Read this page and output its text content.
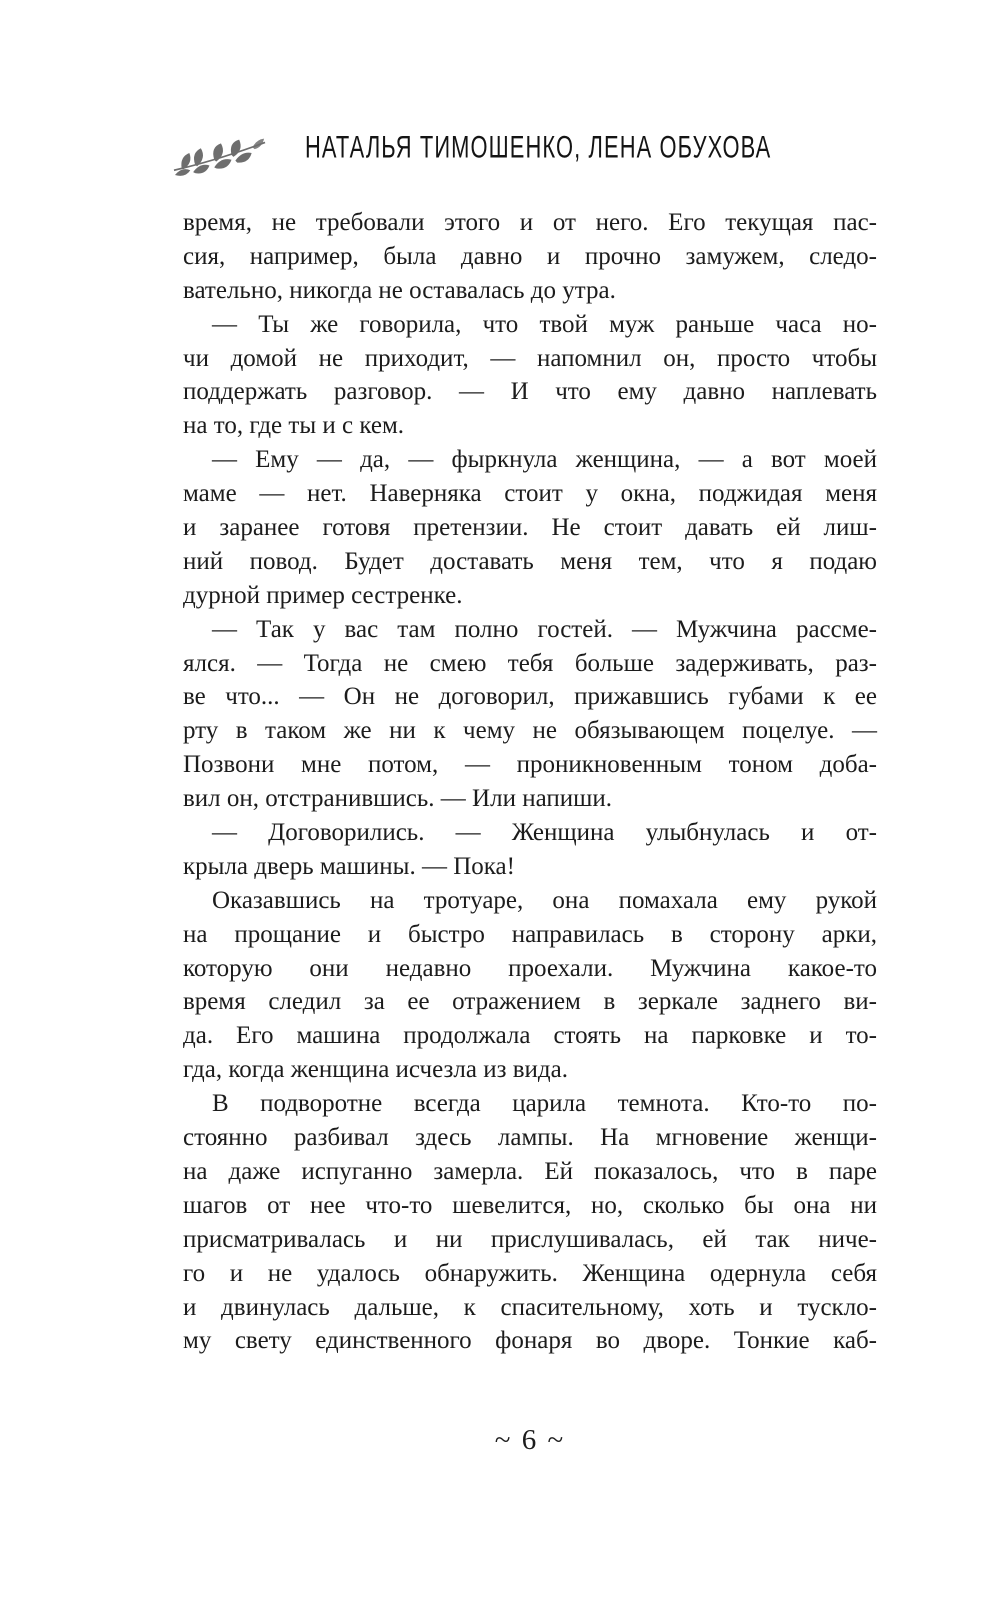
НАТАЛЬЯ ТИМОШЕНКО, ЛЕНА ОБУХОВА
время, не требовали этого и от него. Его текущая пас-
сия, например, была давно и прочно замужем, следо-
вательно, никогда не оставалась до утра.
— Ты же говорила, что твой муж раньше часа но-
чи домой не приходит, — напомнил он, просто чтобы
поддержать разговор. — И что ему давно наплевать
на то, где ты и с кем.
— Ему — да, — фыркнула женщина, — а вот моей
маме — нет. Наверняка стоит у окна, поджидая меня
и заранее готовя претензии. Не стоит давать ей лиш-
ний повод. Будет доставать меня тем, что я подаю
дурной пример сестренке.
— Так у вас там полно гостей. — Мужчина рассме-
ялся. — Тогда не смею тебя больше задерживать, раз-
ве что... — Он не договорил, прижавшись губами к ее
рту в таком же ни к чему не обязывающем поцелуе. —
Позвони мне потом, — проникновенным тоном доба-
вил он, отстранившись. — Или напиши.
— Договорились. — Женщина улыбнулась и от-
крыла дверь машины. — Пока!
Оказавшись на тротуаре, она помахала ему рукой
на прощание и быстро направилась в сторону арки,
которую они недавно проехали. Мужчина какое-то
время следил за ее отражением в зеркале заднего ви-
да. Его машина продолжала стоять на парковке и то-
гда, когда женщина исчезла из вида.
В подворотне всегда царила темнота. Кто-то по-
стоянно разбивал здесь лампы. На мгновение женщи-
на даже испуганно замерла. Ей показалось, что в паре
шагов от нее что-то шевелится, но, сколько бы она ни
присматривалась и ни прислушивалась, ей так ниче-
го и не удалось обнаружить. Женщина одернула себя
и двинулась дальше, к спасительному, хоть и тускло-
му свету единственного фонаря во дворе. Тонкие каб-
~ 6 ~
